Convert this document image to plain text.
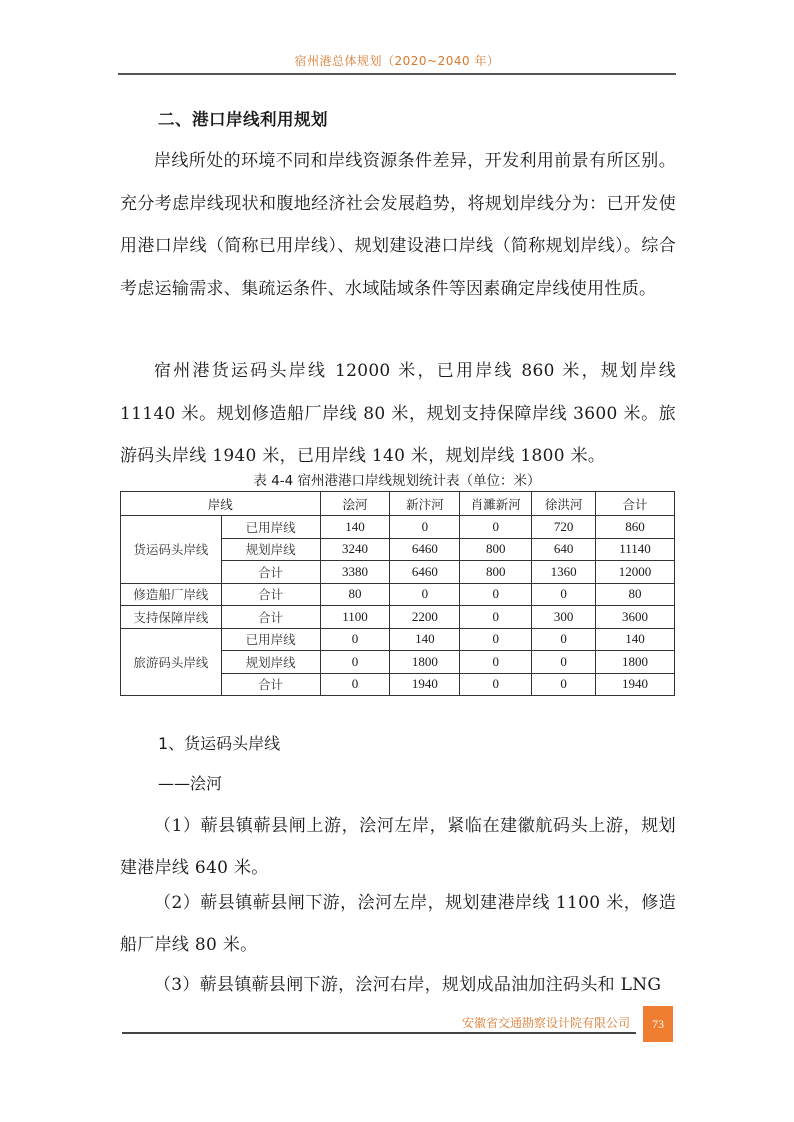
宿州港总体规划（2020~2040 年）
二、港口岸线利用规划
岸线所处的环境不同和岸线资源条件差异，开发利用前景有所区别。充分考虑岸线现状和腹地经济社会发展趋势，将规划岸线分为：已开发使用港口岸线（简称已用岸线）、规划建设港口岸线（简称规划岸线）。综合考虑运输需求、集疏运条件、水域陆域条件等因素确定岸线使用性质。
宿州港货运码头岸线 12000 米，已用岸线 860 米，规划岸线 11140 米。规划修造船厂岸线 80 米，规划支持保障岸线 3600 米。旅游码头岸线 1940 米，已用岸线 140 米，规划岸线 1800 米。
表 4-4 宿州港港口岸线规划统计表（单位：米）
岸线		浍河	新汴河	肖濉新河	徐洪河	合计
货运码头岸线	已用岸线	140	0	0	720	860
	规划岸线	3240	6460	800	640	11140
	合计	3380	6460	800	1360	12000
修造船厂岸线	合计	80	0	0	0	80
支持保障岸线	合计	1100	2200	0	300	3600
旅游码头岸线	已用岸线	0	140	0	0	140
	规划岸线	0	1800	0	0	1800
	合计	0	1940	0	0	1940
1、货运码头岸线
——浍河
（1）蕲县镇蕲县闸上游，浍河左岸，紧临在建徽航码头上游，规划建港岸线 640 米。
（2）蕲县镇蕲县闸下游，浍河左岸，规划建港岸线 1100 米，修造船厂岸线 80 米。
（3）蕲县镇蕲县闸下游，浍河右岸，规划成品油加注码头和 LNG
安徽省交通勘察设计院有限公司	73
